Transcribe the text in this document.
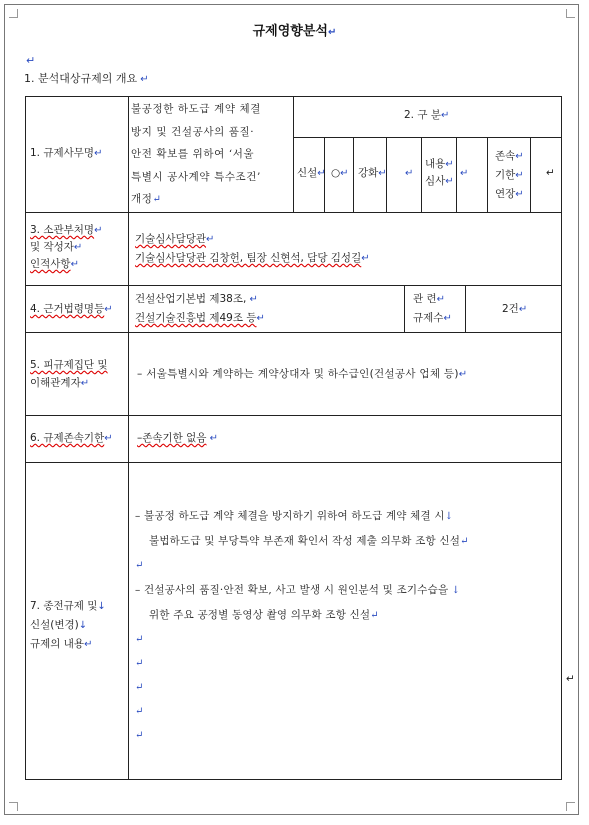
규제영향분석↵
↵
1. 분석대상규제의 개요 ↵
1. 규제사무명↵
불공정한 하도급 계약 체결
방지 및 건설공사의 품질·
안전 확보를 위하여 ‘서울
특별시 공사계약 특수조건’
개정↵
2. 구 분↵
신설↵ ○↵ 강화↵ ↵
내용↵
심사↵
↵
존속↵
기한↵
연장↵
↵
3. 소관부처명↵
및 작성자↵
인적사항↵
기술심사담당관↵
기술심사담당관 김창헌, 팀장 신현석, 담당 김성길↵
4. 근거법령명등↵
건설산업기본법 제38조, ↵
건설기술진흥법 제49조 등↵
관 련↵
규제수↵
2건↵
5. 피규제집단 및
이해관계자↵
– 서울특별시와 계약하는 계약상대자 및 하수급인(건설공사 업체 등)↵
6. 규제존속기한↵ –존속기한 없음 ↵
7. 종전규제 및↓
신설(변경)↓
규제의 내용↵
– 불공정 하도급 계약 체결을 방지하기 위하여 하도급 계약 체결 시↓
불법하도급 및 부당특약 부존재 확인서 작성 제출 의무화 조항 신설↵
↵
– 건설공사의 품질·안전 확보, 사고 발생 시 원인분석 및 조기수습을 ↓
위한 주요 공정별 동영상 촬영 의무화 조항 신설↵
↵
↵
↵
↵
↵
↵
